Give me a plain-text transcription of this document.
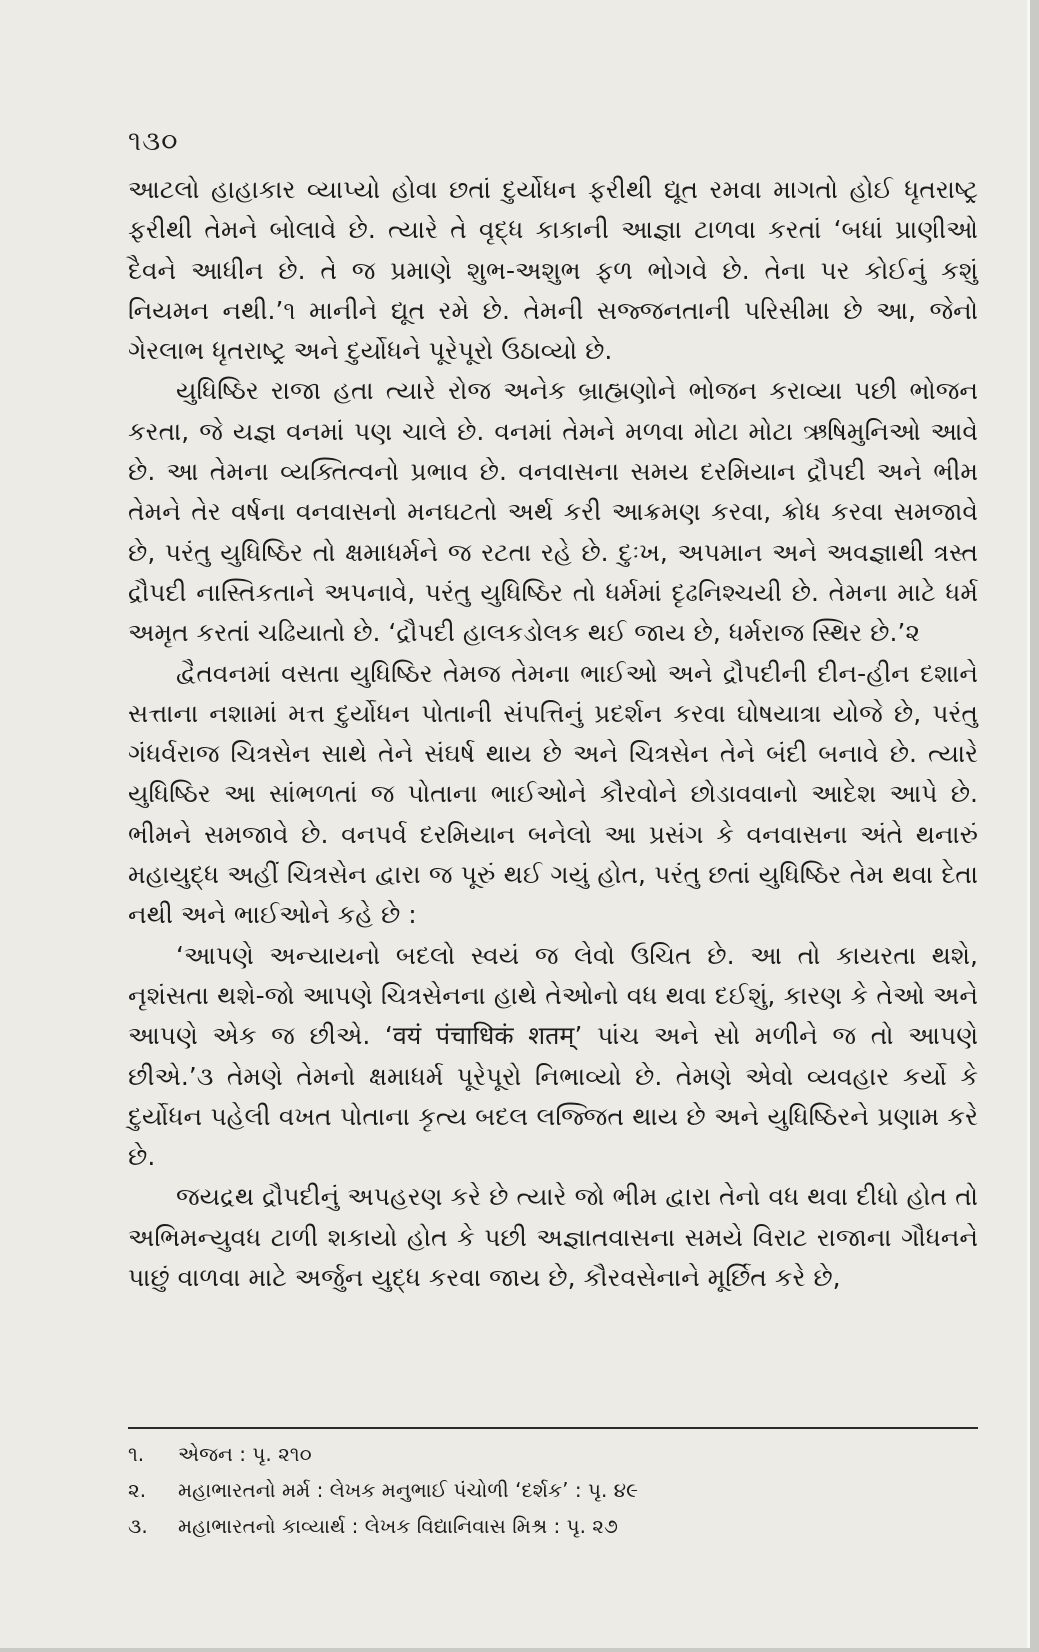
૧૩૦

આટલો હાહાકાર વ્યાપ્યો હોવા છતાં દુર્યોધન ફરીથી દ્યૂત રમવા માગતો હોઈ ધૃતરાષ્ટ્ર ફરીથી તેમને બોલાવે છે. ત્યારે તે વૃદ્ધ કાકાની આજ્ઞા ટાળવા કરતાં ‘બધાં પ્રાણીઓ દૈવને આધીન છે. તે જ પ્રમાણે શુભ-અશુભ ફળ ભોગવે છે. તેના પર કોઈનું કશું નિયમન નથી.’૧ માનીને દ્યૂત રમે છે. તેમની સજ્જનતાની પરિસીમા છે આ, જેનો ગેરલાભ ધૃતરાષ્ટ્ર અને દુર્યોધને પૂરેપૂરો ઉઠાવ્યો છે.

યુધિષ્ઠિર રાજા હતા ત્યારે રોજ અનેક બ્રાહ્મણોને ભોજન કરાવ્યા પછી ભોજન કરતા, જે યજ્ઞ વનમાં પણ ચાલે છે. વનમાં તેમને મળવા મોટા મોટા ઋષિમુનિઓ આવે છે. આ તેમના વ્યક્તિત્વનો પ્રભાવ છે. વનવાસના સમય દરમિયાન દ્રૌપદી અને ભીમ તેમને તેર વર્ષના વનવાસનો મનઘટતો અર્થ કરી આક્રમણ કરવા, ક્રોધ કરવા સમજાવે છે, પરંતુ યુધિષ્ઠિર તો ક્ષમાધર્મને જ રટતા રહે છે. દુઃખ, અપમાન અને અવજ્ઞાથી ત્રસ્ત દ્રૌપદી નાસ્તિકતાને અપનાવે, પરંતુ યુધિષ્ઠિર તો ધર્મમાં દૃઢનિશ્ચયી છે. તેમના માટે ધર્મ અમૃત કરતાં ચઢિયાતો છે. ‘દ્રૌપદી હાલકડોલક થઈ જાય છે, ધર્મરાજ સ્થિર છે.’૨

દ્વૈતવનમાં વસતા યુધિષ્ઠિર તેમજ તેમના ભાઈઓ અને દ્રૌપદીની દીન-હીન દશાને સત્તાના નશામાં મત્ત દુર્યોધન પોતાની સંપત્તિનું પ્રદર્શન કરવા ઘોષયાત્રા યોજે છે, પરંતુ ગંધર્વરાજ ચિત્રસેન સાથે તેને સંઘર્ષ થાય છે અને ચિત્રસેન તેને બંદી બનાવે છે. ત્યારે યુધિષ્ઠિર આ સાંભળતાં જ પોતાના ભાઈઓને કૌરવોને છોડાવવાનો આદેશ આપે છે. ભીમને સમજાવે છે. વનપર્વ દરમિયાન બનેલો આ પ્રસંગ કે વનવાસના અંતે થનારું મહાયુદ્ધ અહીં ચિત્રસેન દ્વારા જ પૂરું થઈ ગયું હોત, પરંતુ છતાં યુધિષ્ઠિર તેમ થવા દેતા નથી અને ભાઈઓને કહે છે :

‘આપણે અન્યાયનો બદલો સ્વયં જ લેવો ઉચિત છે. આ તો કાયરતા થશે, નૃશંસતા થશે-જો આપણે ચિત્રસેનના હાથે તેઓનો વધ થવા દઈશું, કારણ કે તેઓ અને આપણે એક જ છીએ. ‘वयं पंचाधिकं शतम्’ પાંચ અને સો મળીને જ તો આપણે છીએ.’૩ તેમણે તેમનો ક્ષમાધર્મ પૂરેપૂરો નિભાવ્યો છે. તેમણે એવો વ્યવહાર કર્યો કે દુર્યોધન પહેલી વખત પોતાના કૃત્ય બદલ લજ્જિત થાય છે અને યુધિષ્ઠિરને પ્રણામ કરે છે.

જયદ્રથ દ્રૌપદીનું અપહરણ કરે છે ત્યારે જો ભીમ દ્વારા તેનો વધ થવા દીધો હોત તો અભિમન્યુવધ ટાળી શકાયો હોત કે પછી અજ્ઞાતવાસના સમયે વિરાટ રાજાના ગૌધનને પાછું વાળવા માટે અર્જુન યુદ્ધ કરવા જાય છે, કૌરવસેનાને મૂર્છિત કરે છે,

૧.	એજન : પૃ. ૨૧૦
૨.	મહાભારતનો મર્મ : લેખક મનુભાઈ પંચોળી ‘દર્શક’ : પૃ. ૪૯
૩.	મહાભારતનો કાવ્યાર્થ : લેખક વિદ્યાનિવાસ મિશ્ર : પૃ. ૨૭
